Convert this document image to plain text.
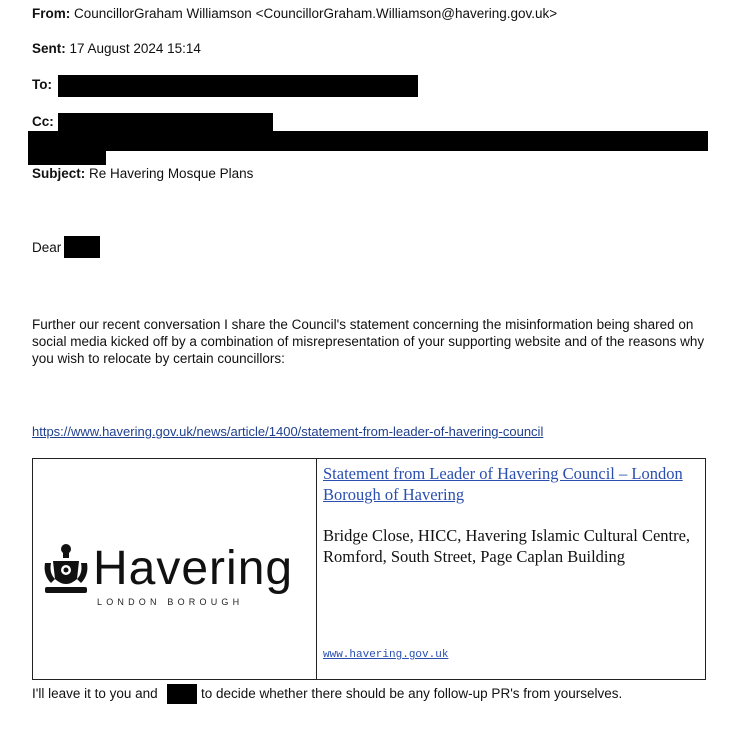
From: CouncillorGraham Williamson <CouncillorGraham.Williamson@havering.gov.uk>
Sent: 17 August 2024 15:14
To:
Cc:
Subject: Re Havering Mosque Plans
Dear
Further our recent conversation I share the Council's statement concerning the misinformation being shared on social media kicked off by a combination of misrepresentation of your supporting website and of the reasons why you wish to relocate by certain councillors:
https://www.havering.gov.uk/news/article/1400/statement-from-leader-of-havering-council
Havering
LONDON BOROUGH
Statement from Leader of Havering Council – London Borough of Havering
Bridge Close, HICC, Havering Islamic Cultural Centre, Romford, South Street, Page Caplan Building
www.havering.gov.uk
I'll leave it to you and	to decide whether there should be any follow-up PR's from yourselves.
